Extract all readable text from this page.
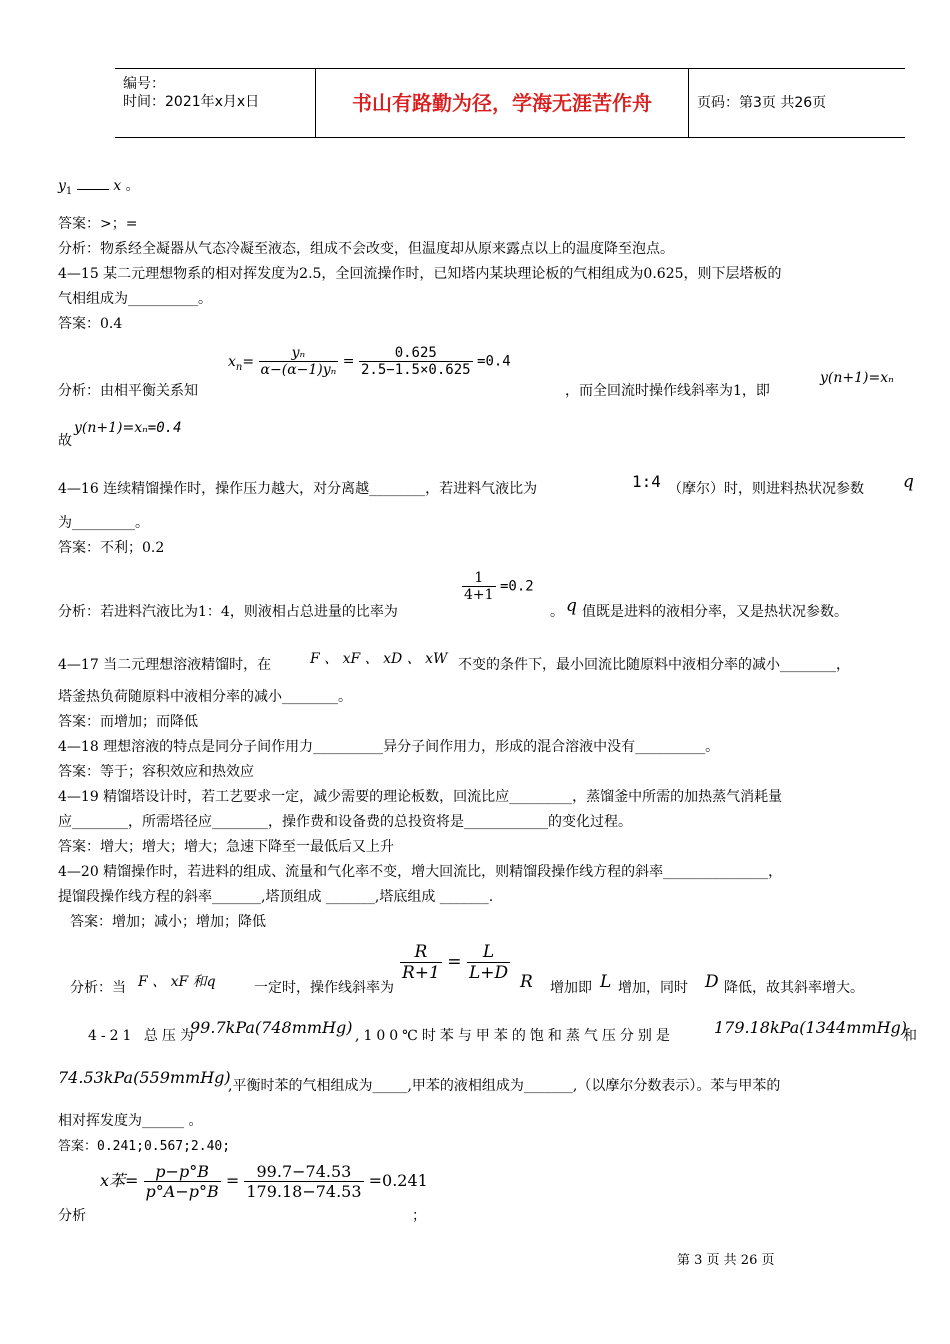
编号：
时间：2021年x月x日	书山有路勤为径，学海无涯苦作舟	页码：第3页 共26页
$y_1$	x 。
答案：>；=
分析：物系经全凝器从气态冷凝至液态，组成不会改变，但温度却从原来露点以上的温度降至泡点。
4—15 某二元理想物系的相对挥发度为2.5，全回流操作时，已知塔内某块理论板的气相组成为0.625，则下层塔板的
气相组成为__________。
答案：0.4
分析：由相平衡关系知
$x_n= \frac{\text{yₙ}}{\text{α−(α−1)yₙ}} = \frac{0.625}{2.5-1.5\times 0.625} =0.4$
，而全回流时操作线斜率为1，即
y(n+1)=xₙ
故
y(n+1)=xₙ=0.4
4—16 连续精馏操作时，操作压力越大，对分离越________，若进料气液比为	1:4 （摩尔）时，则进料热状况参数 q
为_________。
答案：不利；0.2
分析：若进料汽液比为1：4，则液相占总进量的比率为
$\frac{1}{4+1} =0.2$
。 q 值既是进料的液相分率，又是热状况参数。
4—17 当二元理想溶液精馏时，在	F 、 xF 、 xD 、 xW 不变的条件下，最小回流比随原料中液相分率的减小________，
塔釜热负荷随原料中液相分率的减小________。
答案：而增加；而降低
4—18 理想溶液的特点是同分子间作用力__________异分子间作用力，形成的混合溶液中没有__________。
答案：等于；容积效应和热效应
4—19 精馏塔设计时，若工艺要求一定，减少需要的理论板数，回流比应_________，蒸馏釜中所需的加热蒸气消耗量
应________，所需塔径应________，操作费和设备费的总投资将是____________的变化过程。
答案：增大；增大；增大；急速下降至一最低后又上升
4—20 精馏操作时，若进料的组成、流量和气化率不变，增大回流比，则精馏段操作线方程的斜率_______________，
提馏段操作线方程的斜率_______,塔顶组成 _______,塔底组成 _______.
答案：增加；减小；增加；降低
分析：当 F 、 xF 和q	一定时，操作线斜率为
$\frac{R}{R+1} = \frac{L}{L+D}$ R 增加即 L 增加，同时 D 降低，故其斜率增大。
4-21 总压为
99.7kPa(748mmHg) ,100℃时苯与甲苯的饱和蒸气压分别是	179.18kPa(1344mmHg)
和
74.53kPa(559mmHg)
,平衡时苯的气相组成为_____,甲苯的液相组成为_______,（以摩尔分数表示）。苯与甲苯的
相对挥发度为______ 。
答案：0.241;0.567;2.40;
分析
x苯= $\frac{p-p^\circ B}{p^\circ A-p^\circ B} = \frac{99.7-74.53}{179.18-74.53} =0.241$
；
第 3 页 共 26 页
